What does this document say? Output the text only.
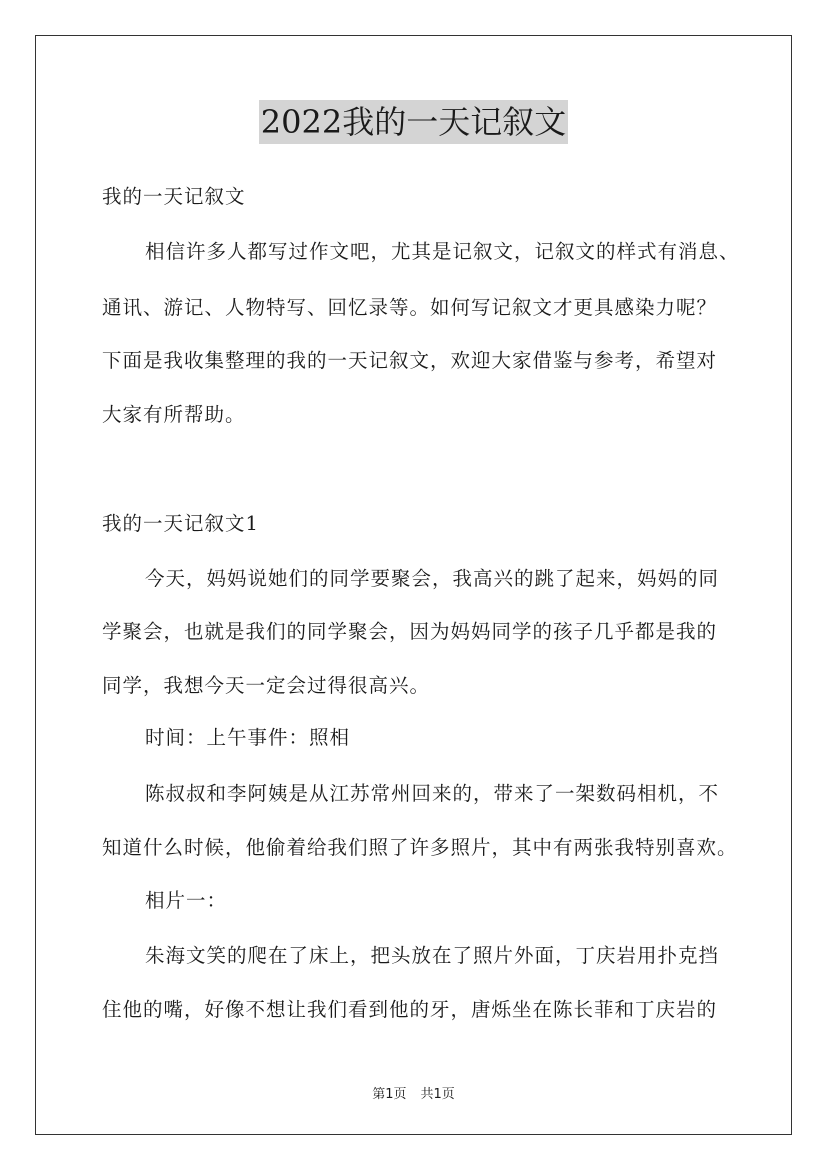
2022我的一天记叙文
我的一天记叙文
相信许多人都写过作文吧，尤其是记叙文，记叙文的样式有消息、
通讯、游记、人物特写、回忆录等。如何写记叙文才更具感染力呢？
下面是我收集整理的我的一天记叙文，欢迎大家借鉴与参考，希望对
大家有所帮助。
我的一天记叙文1
今天，妈妈说她们的同学要聚会，我高兴的跳了起来，妈妈的同
学聚会，也就是我们的同学聚会，因为妈妈同学的孩子几乎都是我的
同学，我想今天一定会过得很高兴。
时间：上午事件：照相
陈叔叔和李阿姨是从江苏常州回来的，带来了一架数码相机，不
知道什么时候，他偷着给我们照了许多照片，其中有两张我特别喜欢。
相片一：
朱海文笑的爬在了床上，把头放在了照片外面，丁庆岩用扑克挡
住他的嘴，好像不想让我们看到他的牙，唐烁坐在陈长菲和丁庆岩的
第1页 共1页
